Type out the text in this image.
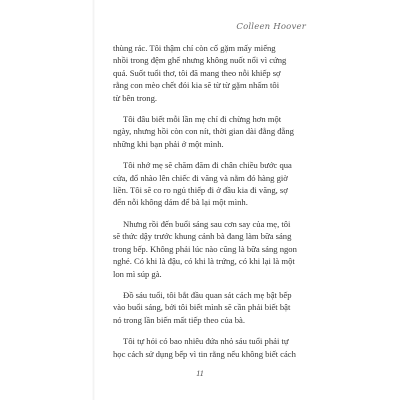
Colleen Hoover

thùng rác. Tôi thậm chí còn cố gặm mấy miếng
nhồi trong đệm ghế nhưng không nuốt nổi vì cứng
quá. Suốt tuổi thơ, tôi đã mang theo nỗi khiếp sợ
rằng con mèo chết đói kia sẽ từ từ gặm nhấm tôi
từ bên trong.

Tôi đâu biết mỗi lần mẹ chỉ đi chừng hơn một
ngày, nhưng hồi còn con nít, thời gian dài đằng đẵng
những khi bạn phải ở một mình.

Tôi nhớ mẹ sẽ chăm đăm đi chân chiều bước qua
cửa, đổ nhào lên chiếc đi văng và nằm đó hàng giờ
liền. Tôi sẽ co ro ngủ thiếp đi ở đầu kia đi văng, sợ
đến nỗi không dám để bà lại một mình.

Nhưng rồi đến buổi sáng sau cơn say của mẹ, tôi
sẽ thức dậy trước khung cảnh bà đang làm bữa sáng
trong bếp. Không phải lúc nào cũng là bữa sáng ngon
nghẻ. Có khi là đậu, có khi là trứng, có khi lại là một
lon mì súp gà.

Đồ sáu tuổi, tôi bắt đầu quan sát cách mẹ bật bếp
vào buổi sáng, bởi tôi biết mình sẽ cần phải biết bật
nó trong lần biến mất tiếp theo của bà.

Tôi tự hỏi có bao nhiêu đứa nhỏ sáu tuổi phải tự
học cách sử dụng bếp vì tin rằng nếu không biết cách

11
